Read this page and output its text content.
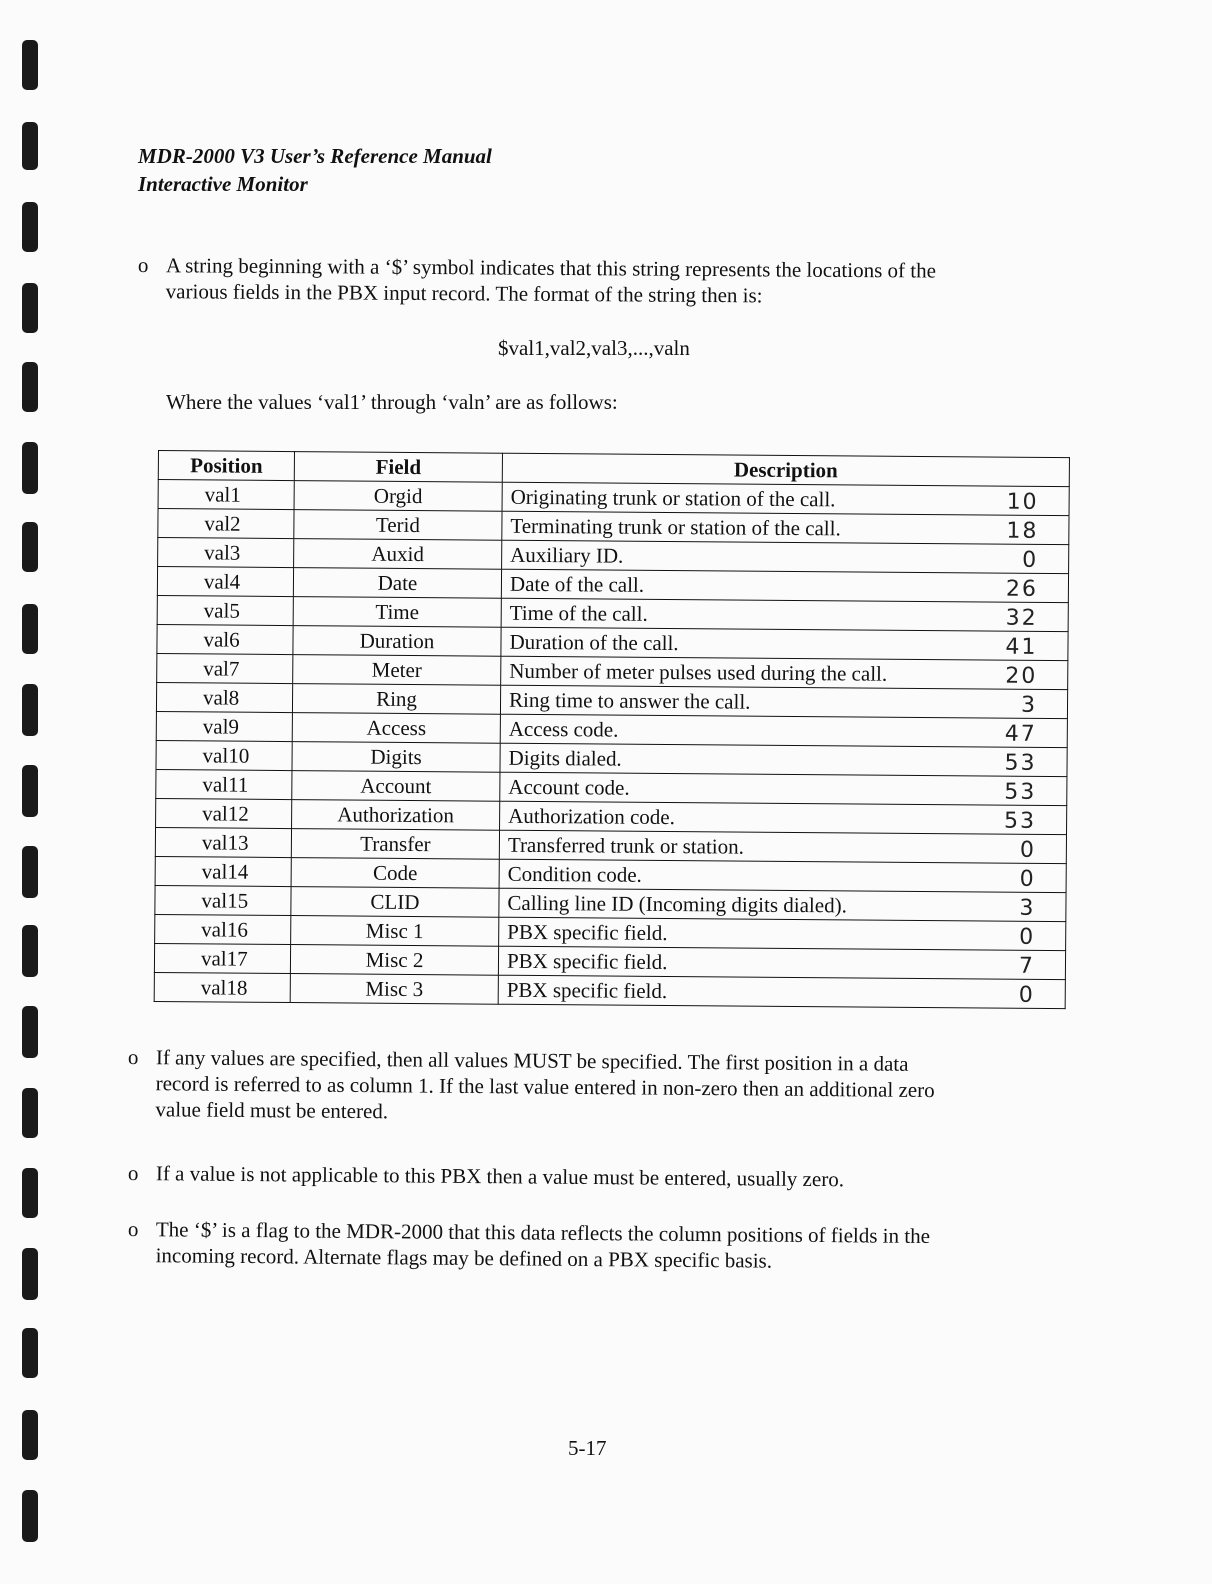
MDR-2000 V3 User’s Reference Manual
Interactive Monitor
o A string beginning with a ‘$’ symbol indicates that this string represents the locations of the
various fields in the PBX input record. The format of the string then is:
$val1,val2,val3,...,valn
Where the values ‘val1’ through ‘valn’ are as follows:
Position	Field	Description
val1	Orgid	Originating trunk or station of the call. 10

val2	Terid	Terminating trunk or station of the call. 18

val3	Auxid	Auxiliary ID. 0

val4	Date	Date of the call. 26

val5	Time	Time of the call. 32

val6	Duration	Duration of the call. 41

val7	Meter	Number of meter pulses used during the call. 20

val8	Ring	Ring time to answer the call. 3

val9	Access	Access code. 47

val10	Digits	Digits dialed. 53

val11	Account	Account code. 53

val12	Authorization	Authorization code. 53

val13	Transfer	Transferred trunk or station. 0

val14	Code	Condition code. 0

val15	CLID	Calling line ID (Incoming digits dialed). 3

val16	Misc 1	PBX specific field. 0

val17	Misc 2	PBX specific field. 7

val18	Misc 3	PBX specific field. 0
o If any values are specified, then all values MUST be specified. The first position in a data
record is referred to as column 1. If the last value entered in non-zero then an additional zero
value field must be entered.
o If a value is not applicable to this PBX then a value must be entered, usually zero.
o The ‘$’ is a flag to the MDR-2000 that this data reflects the column positions of fields in the
incoming record. Alternate flags may be defined on a PBX specific basis.
5-17
